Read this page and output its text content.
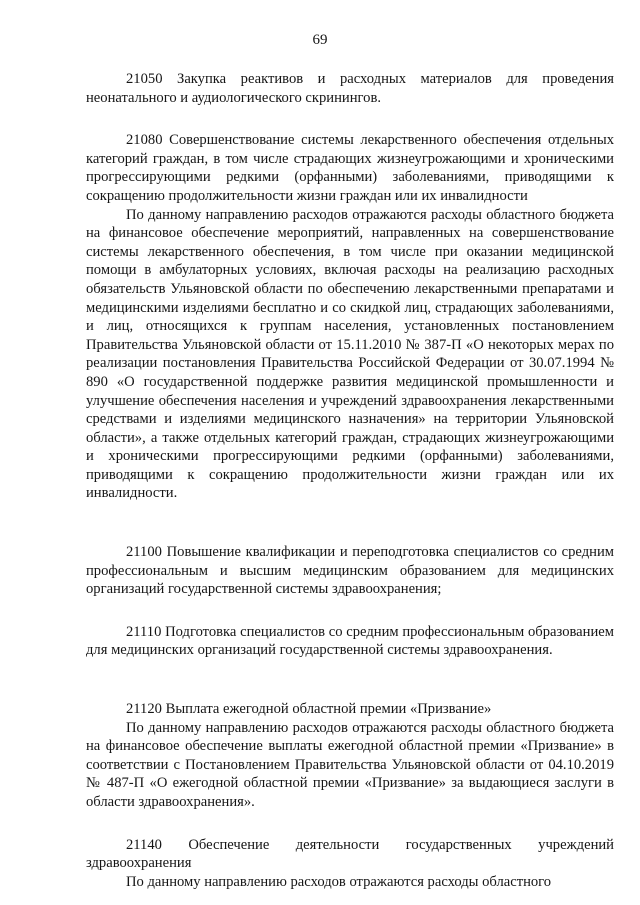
69

21050 Закупка реактивов и расходных материалов для проведения неонатального и аудиологического скринингов.

21080 Совершенствование системы лекарственного обеспечения отдельных категорий граждан, в том числе страдающих жизнеугрожающими и хроническими прогрессирующими редкими (орфанными) заболеваниями, приводящими к сокращению продолжительности жизни граждан или их инвалидности

По данному направлению расходов отражаются расходы областного бюджета на финансовое обеспечение мероприятий, направленных на совершенствование системы лекарственного обеспечения, в том числе при оказании медицинской помощи в амбулаторных условиях, включая расходы на реализацию расходных обязательств Ульяновской области по обеспечению лекарственными препаратами и медицинскими изделиями бесплатно и со скидкой лиц, страдающих заболеваниями, и лиц, относящихся к группам населения, установленных постановлением Правительства Ульяновской области от 15.11.2010 № 387-П «О некоторых мерах по реализации постановления Правительства Российской Федерации от 30.07.1994 № 890 «О государственной поддержке развития медицинской промышленности и улучшение обеспечения населения и учреждений здравоохранения лекарственными средствами и изделиями медицинского назначения» на территории Ульяновской области», а также отдельных категорий граждан, страдающих жизнеугрожающими и хроническими прогрессирующими редкими (орфанными) заболеваниями, приводящими к сокращению продолжительности жизни граждан или их инвалидности.

21100 Повышение квалификации и переподготовка специалистов со средним профессиональным и высшим медицинским образованием для медицинских организаций государственной системы здравоохранения;

21110 Подготовка специалистов со средним профессиональным образованием для медицинских организаций государственной системы здравоохранения.

21120 Выплата ежегодной областной премии «Призвание»

По данному направлению расходов отражаются расходы областного бюджета на финансовое обеспечение выплаты ежегодной областной премии «Призвание» в соответствии с Постановлением Правительства Ульяновской области от 04.10.2019 № 487-П «О ежегодной областной премии «Призвание» за выдающиеся заслуги в области здравоохранения».

21140 Обеспечение деятельности государственных учреждений здравоохранения

По данному направлению расходов отражаются расходы областного
